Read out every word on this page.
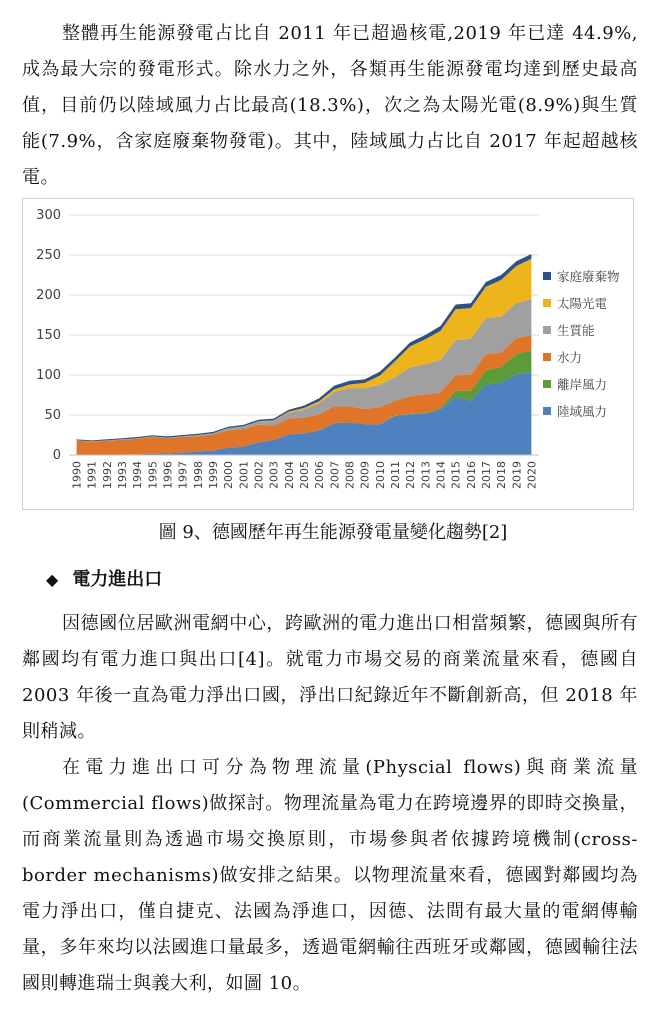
整體再生能源發電占比自 2011 年已超過核電,2019 年已達 44.9%,成為最大宗的發電形式。除水力之外，各類再生能源發電均達到歷史最高值，目前仍以陸域風力占比最高(18.3%)，次之為太陽光電(8.9%)與生質能(7.9%，含家庭廢棄物發電)。其中，陸域風力占比自 2017 年起超越核電。

0
50
100
150
200
250
300
1990 1991 1992 1993 1994 1995 1996 1997 1998 1999 2000 2001 2002 2003 2004 2005 2006 2007 2008 2009 2010 2011 2012 2013 2014 2015 2016 2017 2018 2019 2020
家庭廢棄物
太陽光電
生質能
水力
離岸風力
陸域風力
圖 9、德國歷年再生能源發電量變化趨勢[2]
◆ 電力進出口

因德國位居歐洲電網中心，跨歐洲的電力進出口相當頻繁，德國與所有鄰國均有電力進口與出口[4]。就電力市場交易的商業流量來看，德國自 2003 年後一直為電力淨出口國，淨出口紀錄近年不斷創新高，但 2018 年則稍減。

在電力進出口可分為物理流量(Physcial flows)與商業流量(Commercial flows)做探討。物理流量為電力在跨境邊界的即時交換量，而商業流量則為透過市場交換原則，市場參與者依據跨境機制(cross-border mechanisms)做安排之結果。以物理流量來看，德國對鄰國均為電力淨出口，僅自捷克、法國為淨進口，因德、法間有最大量的電網傳輸量，多年來均以法國進口量最多，透過電網輸往西班牙或鄰國，德國輸往法國則轉進瑞士與義大利，如圖 10。
